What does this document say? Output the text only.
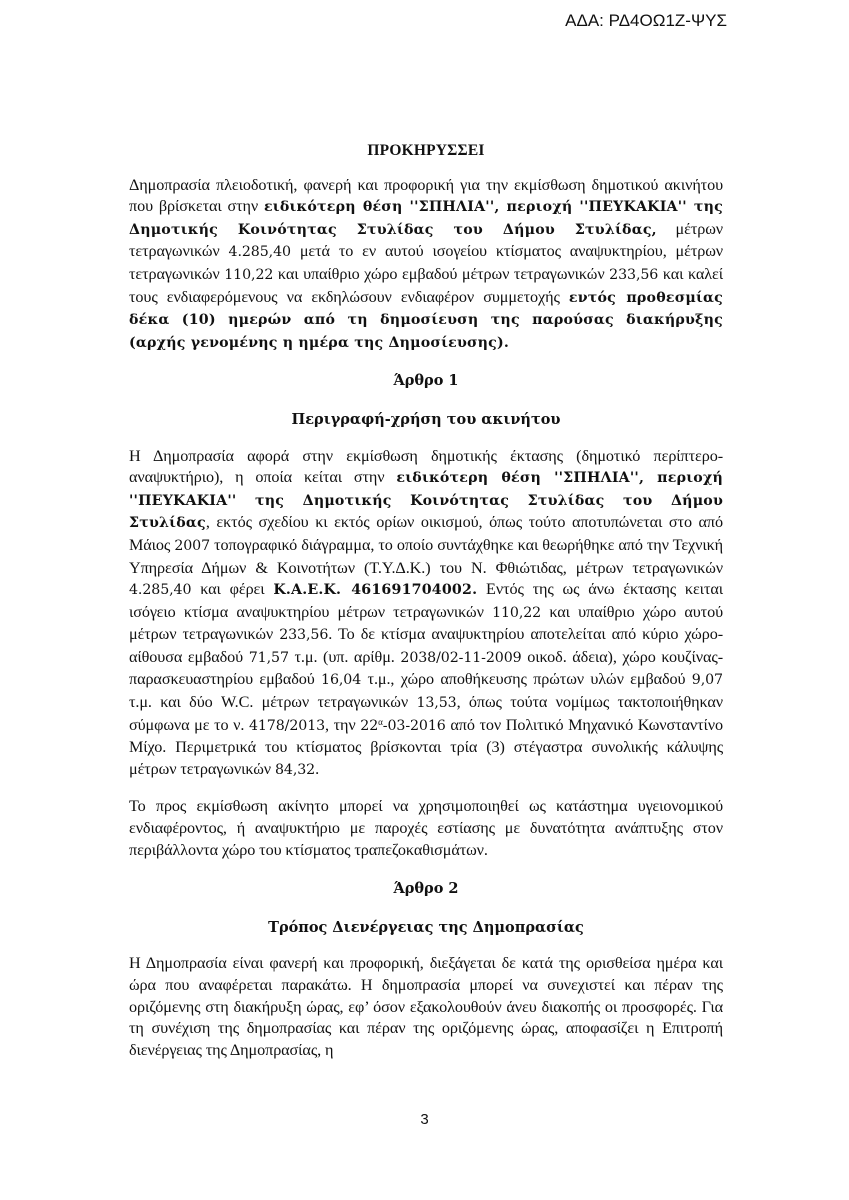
ΑΔΑ: ΡΔ4ΟΩ1Ζ-ΨΥΣ
ΠΡΟΚΗΡΥΣΣΕΙ

Δημοπρασία πλειοδοτική, φανερή και προφορική για την εκμίσθωση δημοτικού ακινήτου που βρίσκεται στην ειδικότερη θέση ''ΣΠΗΛΙΑ'', περιοχή ''ΠΕΥΚΑΚΙΑ'' της Δημοτικής Κοινότητας Στυλίδας του Δήμου Στυλίδας, μέτρων τετραγωνικών 4.285,40 μετά το εν αυτού ισογείου κτίσματος αναψυκτηρίου, μέτρων τετραγωνικών 110,22 και υπαίθριο χώρο εμβαδού μέτρων τετραγωνικών 233,56 και καλεί τους ενδιαφερόμενους να εκδηλώσουν ενδιαφέρον συμμετοχής εντός προθεσμίας δέκα (10) ημερών από τη δημοσίευση της παρούσας διακήρυξης (αρχής γενομένης η ημέρα της Δημοσίευσης).

Άρθρο 1
Περιγραφή-χρήση του ακινήτου

Η Δημοπρασία αφορά στην εκμίσθωση δημοτικής έκτασης (δημοτικό περίπτερο-αναψυκτήριο), η οποία κείται στην ειδικότερη θέση ''ΣΠΗΛΙΑ'', περιοχή ''ΠΕΥΚΑΚΙΑ'' της Δημοτικής Κοινότητας Στυλίδας του Δήμου Στυλίδας, εκτός σχεδίου κι εκτός ορίων οικισμού, όπως τούτο αποτυπώνεται στο από Μάιος 2007 τοπογραφικό διάγραμμα, το οποίο συντάχθηκε και θεωρήθηκε από την Τεχνική Υπηρεσία Δήμων & Κοινοτήτων (Τ.Υ.Δ.Κ.) του Ν. Φθιώτιδας, μέτρων τετραγωνικών 4.285,40 και φέρει Κ.Α.Ε.Κ. 461691704002. Εντός της ως άνω έκτασης κειται ισόγειο κτίσμα αναψυκτηρίου μέτρων τετραγωνικών 110,22 και υπαίθριο χώρο αυτού μέτρων τετραγωνικών 233,56. Το δε κτίσμα αναψυκτηρίου αποτελείται από κύριο χώρο-αίθουσα εμβαδού 71,57 τ.μ. (υπ. αρίθμ. 2038/02-11-2009 οικοδ. άδεια), χώρο κουζίνας-παρασκευαστηρίου εμβαδού 16,04 τ.μ., χώρο αποθήκευσης πρώτων υλών εμβαδού 9,07 τ.μ. και δύο W.C. μέτρων τετραγωνικών 13,53, όπως τούτα νομίμως τακτοποιήθηκαν σύμφωνα με το ν. 4178/2013, την $22^\alpha-03-2016$ από τον Πολιτικό Μηχανικό Κωνσταντίνο Μίχο. Περιμετρικά του κτίσματος βρίσκονται τρία (3) στέγαστρα συνολικής κάλυψης μέτρων τετραγωνικών 84,32.

Το προς εκμίσθωση ακίνητο μπορεί να χρησιμοποιηθεί ως κατάστημα υγειονομικού ενδιαφέροντος, ή αναψυκτήριο με παροχές εστίασης με δυνατότητα ανάπτυξης στον περιβάλλοντα χώρο του κτίσματος τραπεζοκαθισμάτων.

Άρθρο 2
Τρόπος Διενέργειας της Δημοπρασίας

Η Δημοπρασία είναι φανερή και προφορική, διεξάγεται δε κατά της ορισθείσα ημέρα και ώρα που αναφέρεται παρακάτω. Η δημοπρασία μπορεί να συνεχιστεί και πέραν της οριζόμενης στη διακήρυξη ώρας, εφ’ όσον εξακολουθούν άνευ διακοπής οι προσφορές. Για τη συνέχιση της δημοπρασίας και πέραν της οριζόμενης ώρας, αποφασίζει η Επιτροπή διενέργειας της Δημοπρασίας, η

3
